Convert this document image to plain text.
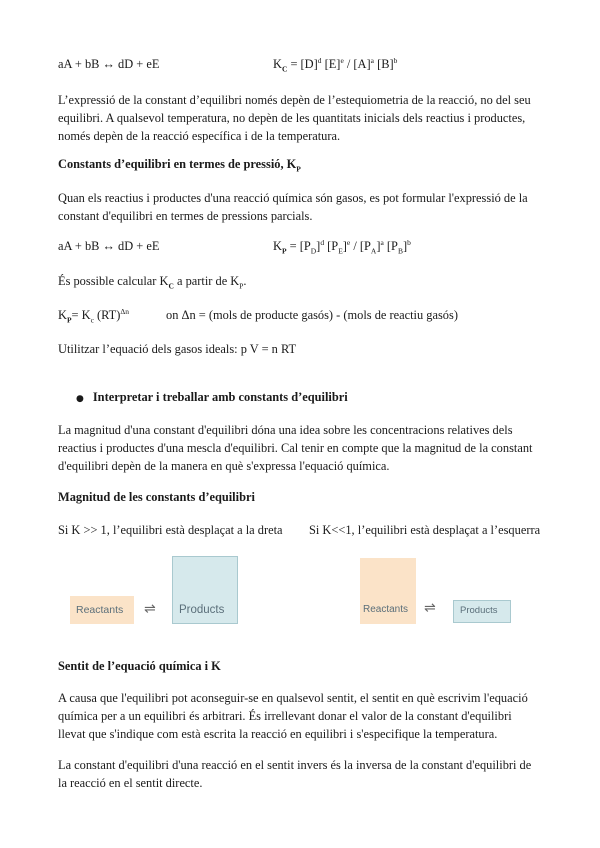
aA + bB ↔ dD + eE	$K_C = [D]^d$ $[E]^e / [A]^a$ $[B]^b$

L’expressió de la constant d’equilibri només depèn de l’estequiometria de la reacció, no del seu

equilibri. A qualsevol temperatura, no depèn de les quantitats inicials dels reactius i productes,

només depèn de la reacció específica i de la temperatura.

Constants d’equilibri en termes de pressió, $K_P$

Quan els reactius i productes d'una reacció química són gasos, es pot formular l'expressió de la

constant d'equilibri en termes de pressions parcials.

aA + bB ↔ dD + eE	$K_P = [P_D]^d$ $[P_E]^e / [P_A]^a$ $[P_B]^b$
És possible calcular $K_C$ a partir de $K_P$.
$K_P= K_c$ (RT)$^{\Delta n}$	on Δn = (mols de producte gasós) - (mols de reactiu gasós)
Utilitzar l’equació dels gasos ideals: p V = n RT
● Interpretar i treballar amb constants d’equilibri

La magnitud d'una constant d'equilibri dóna una idea sobre les concentracions relatives dels

reactius i productes d'una mescla d'equilibri. Cal tenir en compte que la magnitud de la constant

d'equilibri depèn de la manera en què s'expressa l'equació química.

Magnitud de les constants d’equilibri
Si K >> 1, l’equilibri està desplaçat a la dreta Si K<<1, l’equilibri està desplaçat a l’esquerra
Reactants ⇌ Products	Reactants ⇌	Products
Sentit de l’equació química i K

A causa que l'equilibri pot aconseguir-se en qualsevol sentit, el sentit en què escrivim l'equació

química per a un equilibri és arbitrari. És irrellevant donar el valor de la constant d'equilibri

llevat que s'indique com està escrita la reacció en equilibri i s'especifique la temperatura.

La constant d'equilibri d'una reacció en el sentit invers és la inversa de la constant d'equilibri de

la reacció en el sentit directe.
